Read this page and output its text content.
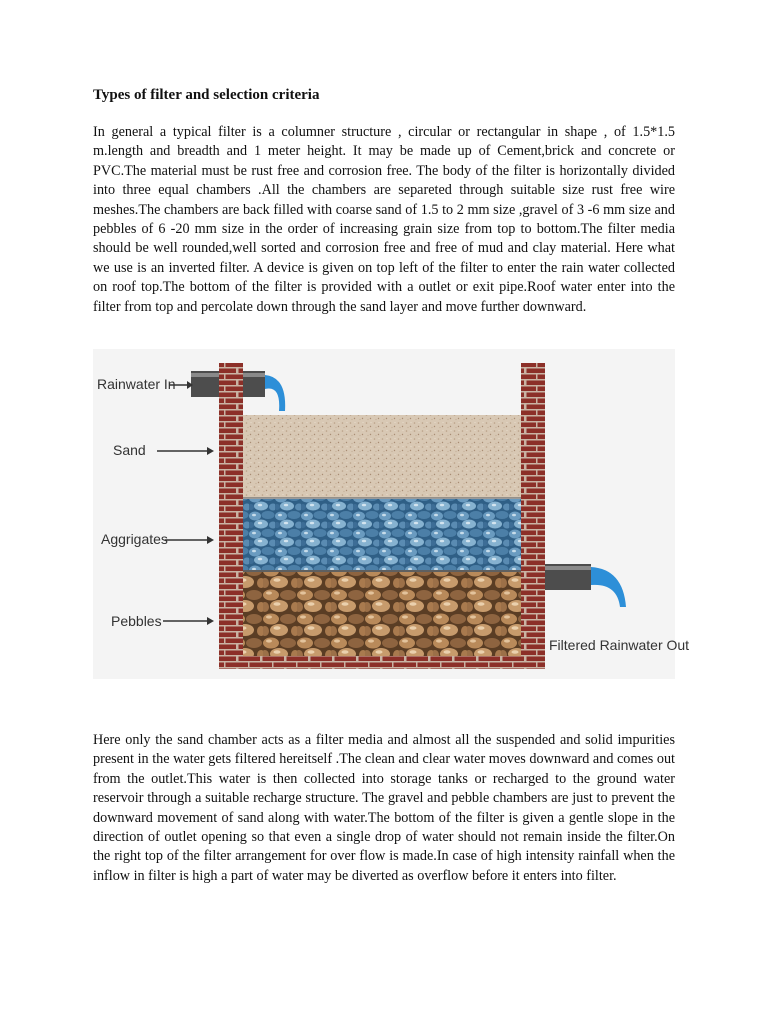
Types of filter and selection criteria

In general a typical filter is a columner structure , circular or rectangular in shape , of 1.5*1.5 m.length and breadth and 1 meter height. It may be made up of Cement,brick and concrete or PVC.The material must be rust free and corrosion free. The body of the filter is horizontally divided into three equal chambers .All the chambers are separeted through suitable size rust free wire meshes.The chambers are back filled with coarse sand of 1.5 to 2 mm size ,gravel of 3 -6 mm size and pebbles of 6 -20 mm size in the order of increasing grain size from top to bottom.The filter media should be well rounded,well sorted and corrosion free and free of mud and clay material. Here what we use is an inverted filter. A device is given on top left of the filter to enter the rain water collected on roof top.The bottom of the filter is provided with a outlet or exit pipe.Roof water enter into the filter from top and percolate down through the sand layer and move further downward.

Rainwater In
Sand
Aggrigates
Pebbles
Filtered Rainwater Out

Here only the sand chamber acts as a filter media and almost all the suspended and solid impurities present in the water gets filtered hereitself .The clean and clear water moves downward and comes out from the outlet.This water is then collected into storage tanks or recharged to the ground water reservoir through a suitable recharge structure. The gravel and pebble chambers are just to prevent the downward movement of sand along with water.The bottom of the filter is given a gentle slope in the direction of outlet opening so that even a single drop of water should not remain inside the filter.On the right top of the filter arrangement for over flow is made.In case of high intensity rainfall when the inflow in filter is high a part of water may be diverted as overflow before it enters into filter.
